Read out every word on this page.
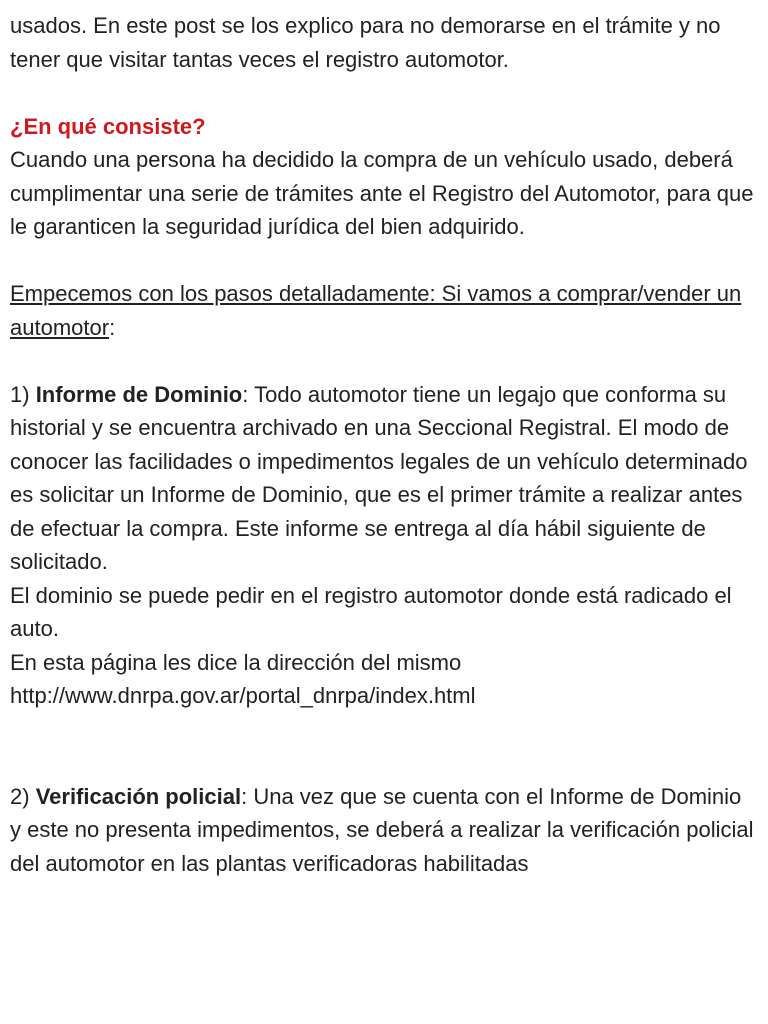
usados. En este post se los explico para no demorarse en el trámite y no
tener que visitar tantas veces el registro automotor.

¿En qué consiste?

Cuando una persona ha decidido la compra de un vehículo usado, deberá cumplimentar una serie de trámites ante el Registro del Automotor, para que le garanticen la seguridad jurídica del bien adquirido.

Empecemos con los pasos detalladamente: Si vamos a comprar/vender un automotor:

1) Informe de Dominio: Todo automotor tiene un legajo que conforma su historial y se encuentra archivado en una Seccional Registral. El modo de conocer las facilidades o impedimentos legales de un vehículo determinado es solicitar un Informe de Dominio, que es el primer trámite a realizar antes de efectuar la compra. Este informe se entrega al día hábil siguiente de solicitado.

El dominio se puede pedir en el registro automotor donde está radicado el auto.

En esta página les dice la dirección del mismo

http://www.dnrpa.gov.ar/portal_dnrpa/index.html

2) Verificación policial: Una vez que se cuenta con el Informe de Dominio y este no presenta impedimentos, se deberá a realizar la verificación policial del automotor en las plantas verificadoras habilitadas
